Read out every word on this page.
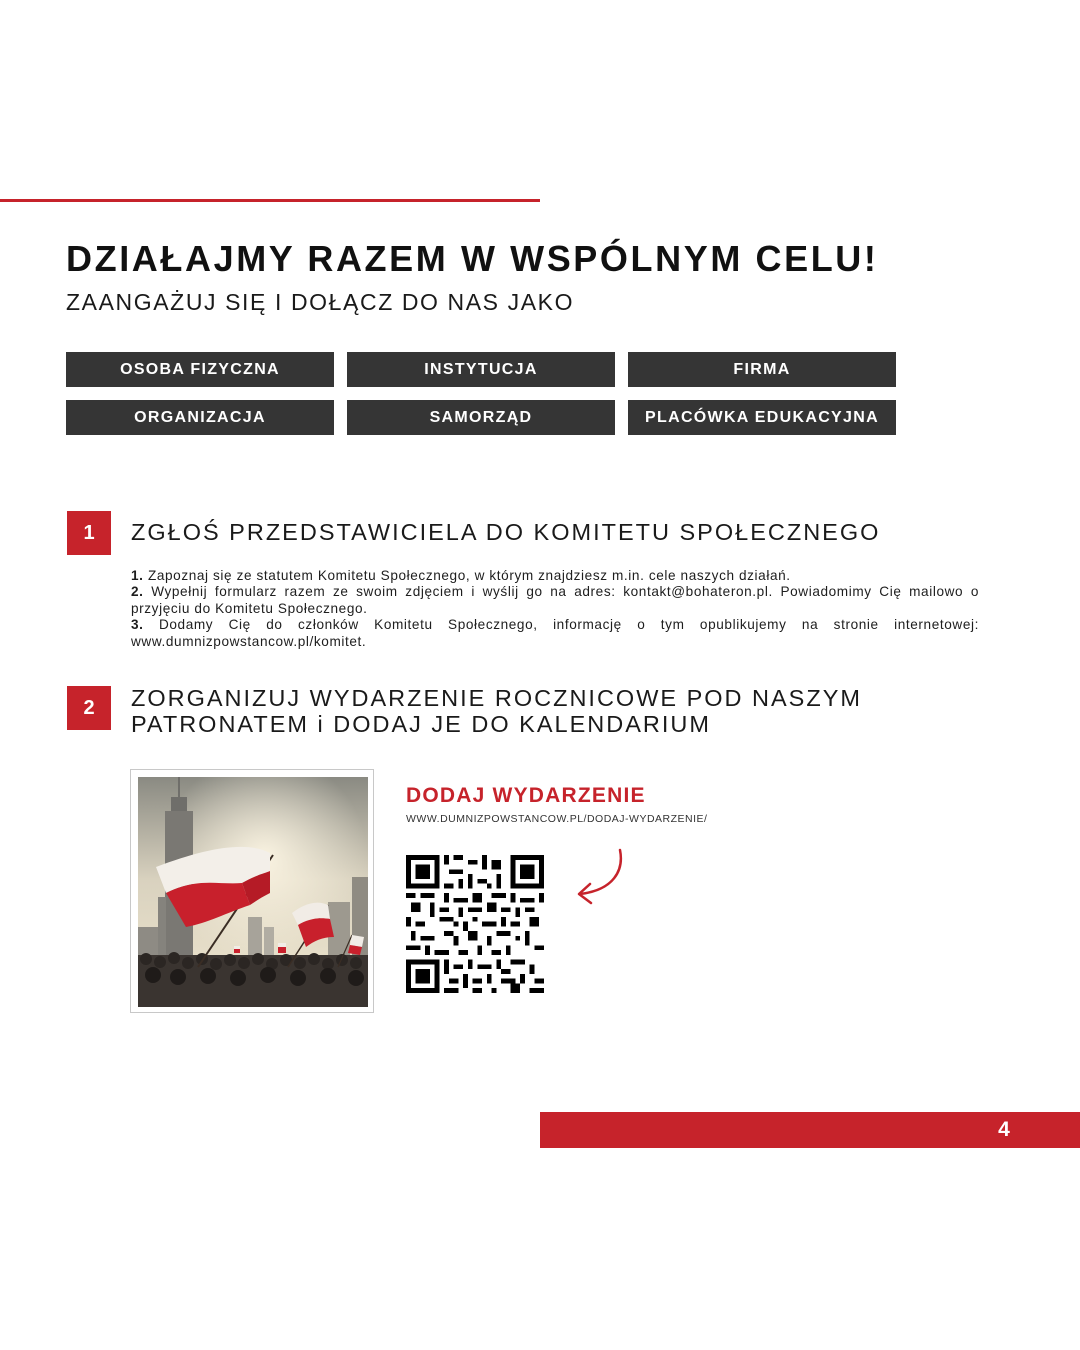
DZIAŁAJMY RAZEM W WSPÓLNYM CELU!
ZAANGAŻUJ SIĘ I DOŁĄCZ DO NAS JAKO
OSOBA FIZYCZNA	INSTYTUCJA	FIRMA
ORGANIZACJA	SAMORZĄD	PLACÓWKA EDUKACYJNA
1	ZGŁOŚ PRZEDSTAWICIELA DO KOMITETU SPOŁECZNEGO

1. Zapoznaj się ze statutem Komitetu Społecznego, w którym znajdziesz m.in. cele naszych działań.

2. Wypełnij formularz razem ze swoim zdjęciem i wyślij go na adres: kontakt@bohateron.pl. Powiadomimy Cię mailowo o przyjęciu do Komitetu Społecznego.

3. Dodamy Cię do członków Komitetu Społecznego, informację o tym opublikujemy na stronie internetowej: www.dumnizpowstancow.pl/komitet.

2	ZORGANIZUJ WYDARZENIE ROCZNICOWE POD NASZYM
PATRONATEM i DODAJ JE DO KALENDARIUM
DODAJ WYDARZENIE
WWW.DUMNIZPOWSTANCOW.PL/DODAJ-WYDARZENIE/
4
